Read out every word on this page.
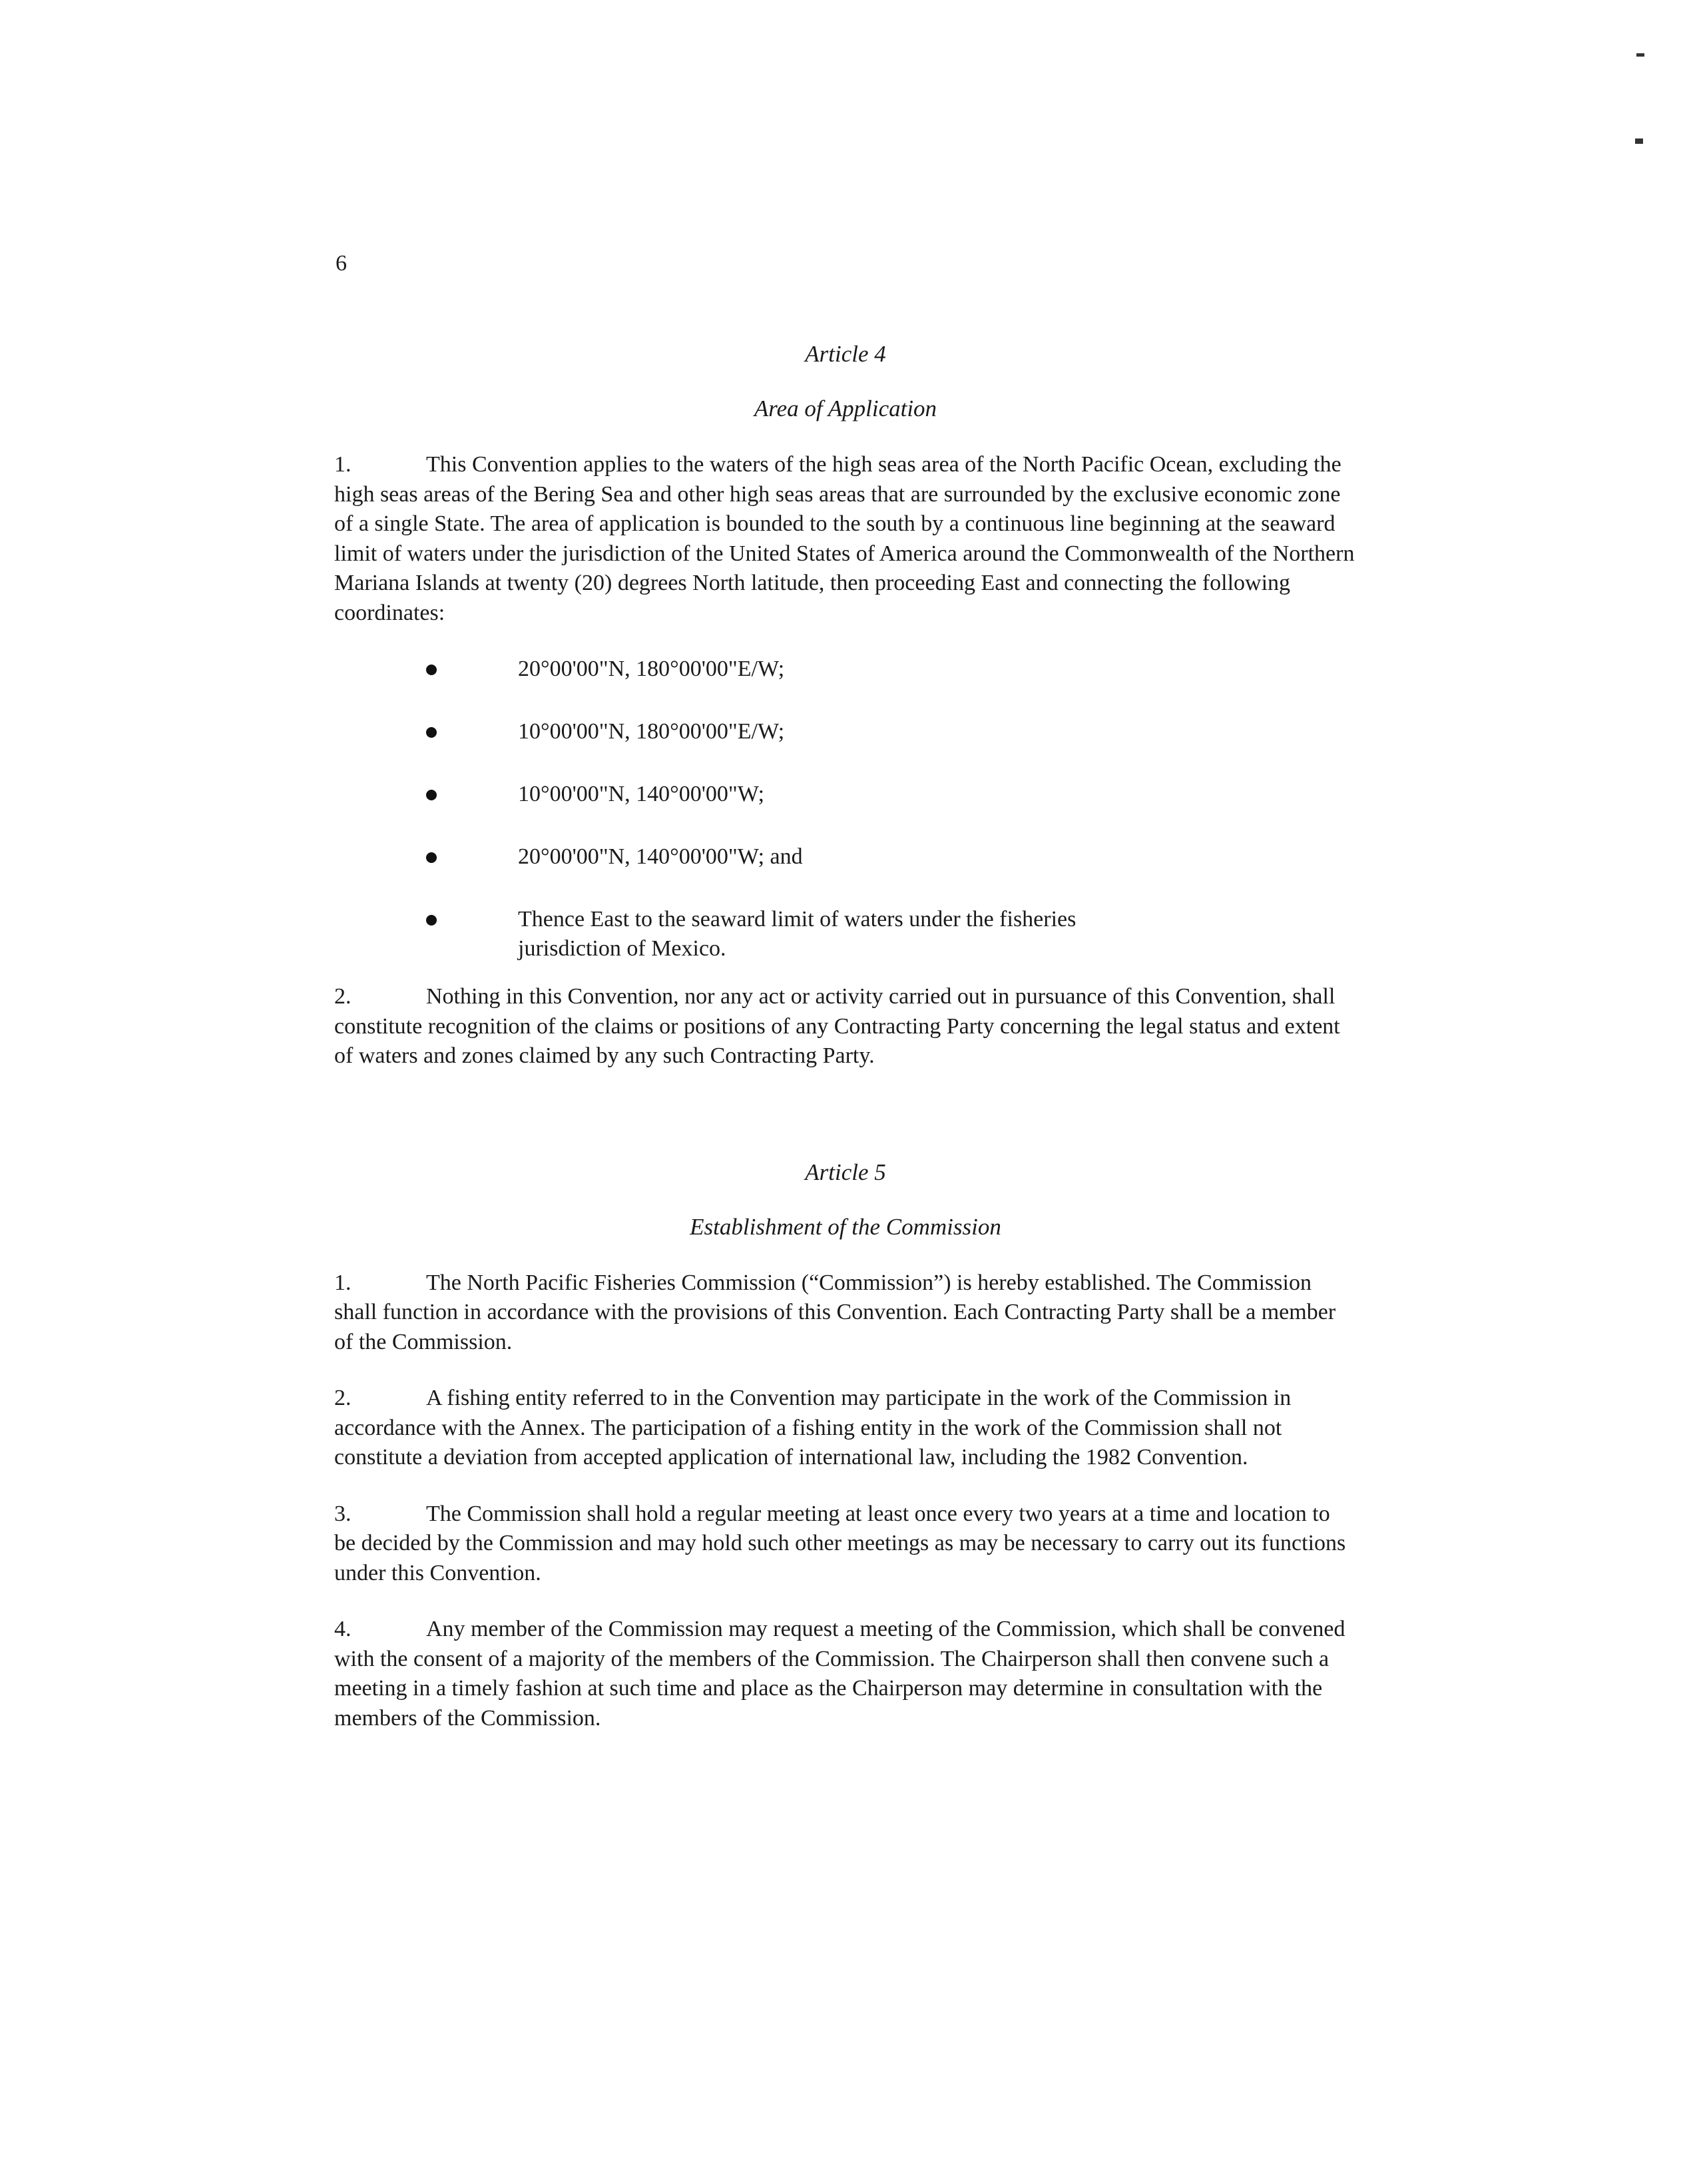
6

Article 4

Area of Application

1.	This Convention applies to the waters of the high seas area of the North Pacific Ocean, excluding the high seas areas of the Bering Sea and other high seas areas that are surrounded by the exclusive economic zone of a single State. The area of application is bounded to the south by a continuous line beginning at the seaward limit of waters under the jurisdiction of the United States of America around the Commonwealth of the Northern Mariana Islands at twenty (20) degrees North latitude, then proceeding East and connecting the following coordinates:

20°00'00"N, 180°00'00"E/W;
10°00'00"N, 180°00'00"E/W;
10°00'00"N, 140°00'00"W;
20°00'00"N, 140°00'00"W; and
Thence East to the seaward limit of waters under the fisheries jurisdiction of Mexico.

2.	Nothing in this Convention, nor any act or activity carried out in pursuance of this Convention, shall constitute recognition of the claims or positions of any Contracting Party concerning the legal status and extent of waters and zones claimed by any such Contracting Party.

Article 5

Establishment of the Commission

1.	The North Pacific Fisheries Commission (“Commission”) is hereby established. The Commission shall function in accordance with the provisions of this Convention. Each Contracting Party shall be a member of the Commission.

2.	A fishing entity referred to in the Convention may participate in the work of the Commission in accordance with the Annex. The participation of a fishing entity in the work of the Commission shall not constitute a deviation from accepted application of international law, including the 1982 Convention.

3.	The Commission shall hold a regular meeting at least once every two years at a time and location to be decided by the Commission and may hold such other meetings as may be necessary to carry out its functions under this Convention.

4.	Any member of the Commission may request a meeting of the Commission, which shall be convened with the consent of a majority of the members of the Commission. The Chairperson shall then convene such a meeting in a timely fashion at such time and place as the Chairperson may determine in consultation with the members of the Commission.
